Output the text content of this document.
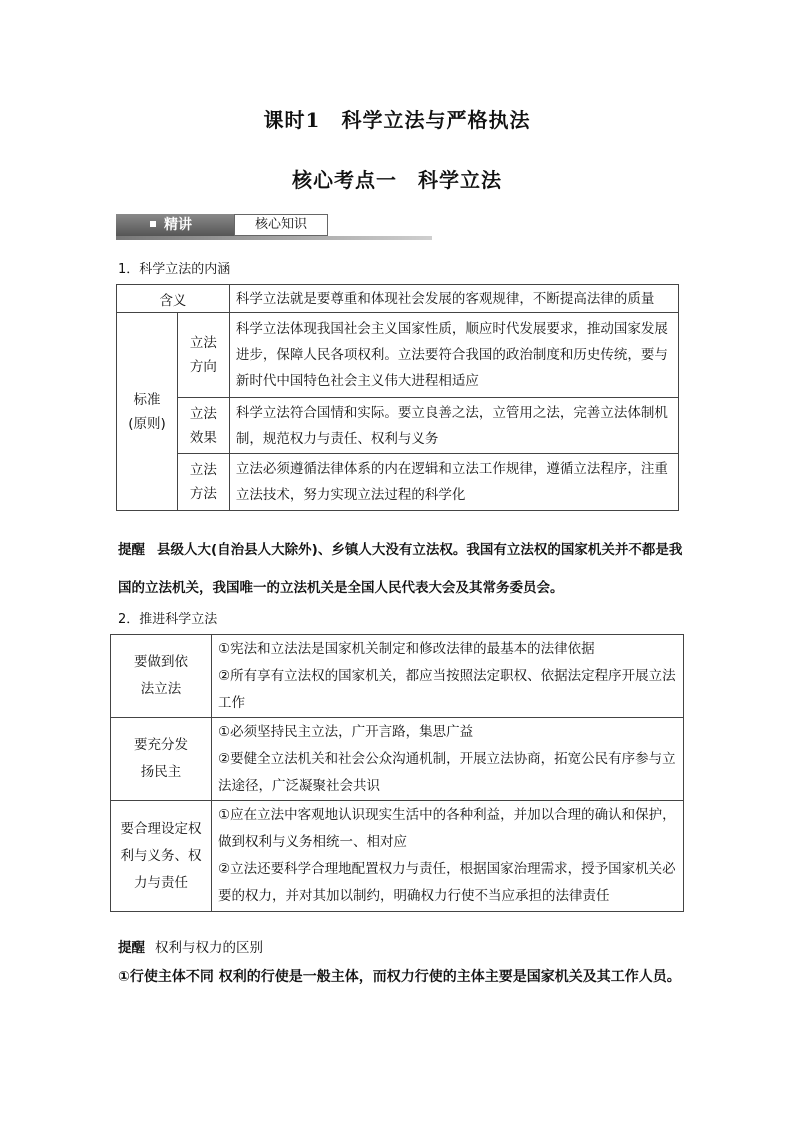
课时1　科学立法与严格执法
核心考点一　科学立法
精讲	核心知识
1．科学立法的内涵
含义		科学立法就是要尊重和体现社会发展的客观规律，不断提高法律的质量
标准(原则)	立法方向	科学立法体现我国社会主义国家性质，顺应时代发展要求，推动国家发展进步，保障人民各项权利。立法要符合我国的政治制度和历史传统，要与新时代中国特色社会主义伟大进程相适应
	立法效果	科学立法符合国情和实际。要立良善之法，立管用之法，完善立法体制机制，规范权力与责任、权利与义务
	立法方法	立法必须遵循法律体系的内在逻辑和立法工作规律，遵循立法程序，注重立法技术，努力实现立法过程的科学化
提醒 县级人大(自治县人大除外)、乡镇人大没有立法权。我国有立法权的国家机关并不都是我国的立法机关，我国唯一的立法机关是全国人民代表大会及其常务委员会。
2．推进科学立法
要做到依法立法	①宪法和立法法是国家机关制定和修改法律的最基本的法律依据
②所有享有立法权的国家机关，都应当按照法定职权、依据法定程序开展立法工作

要充分发扬民主	①必须坚持民主立法，广开言路，集思广益
②要健全立法机关和社会公众沟通机制，开展立法协商，拓宽公民有序参与立法途径，广泛凝聚社会共识

要合理设定权利与义务、权力与责任	①应在立法中客观地认识现实生活中的各种利益，并加以合理的确认和保护，做到权利与义务相统一、相对应
②立法还要科学合理地配置权力与责任，根据国家治理需求，授予国家机关必要的权力，并对其加以制约，明确权力行使不当应承担的法律责任
提醒 权利与权力的区别
①行使主体不同 权利的行使是一般主体，而权力行使的主体主要是国家机关及其工作人员。
